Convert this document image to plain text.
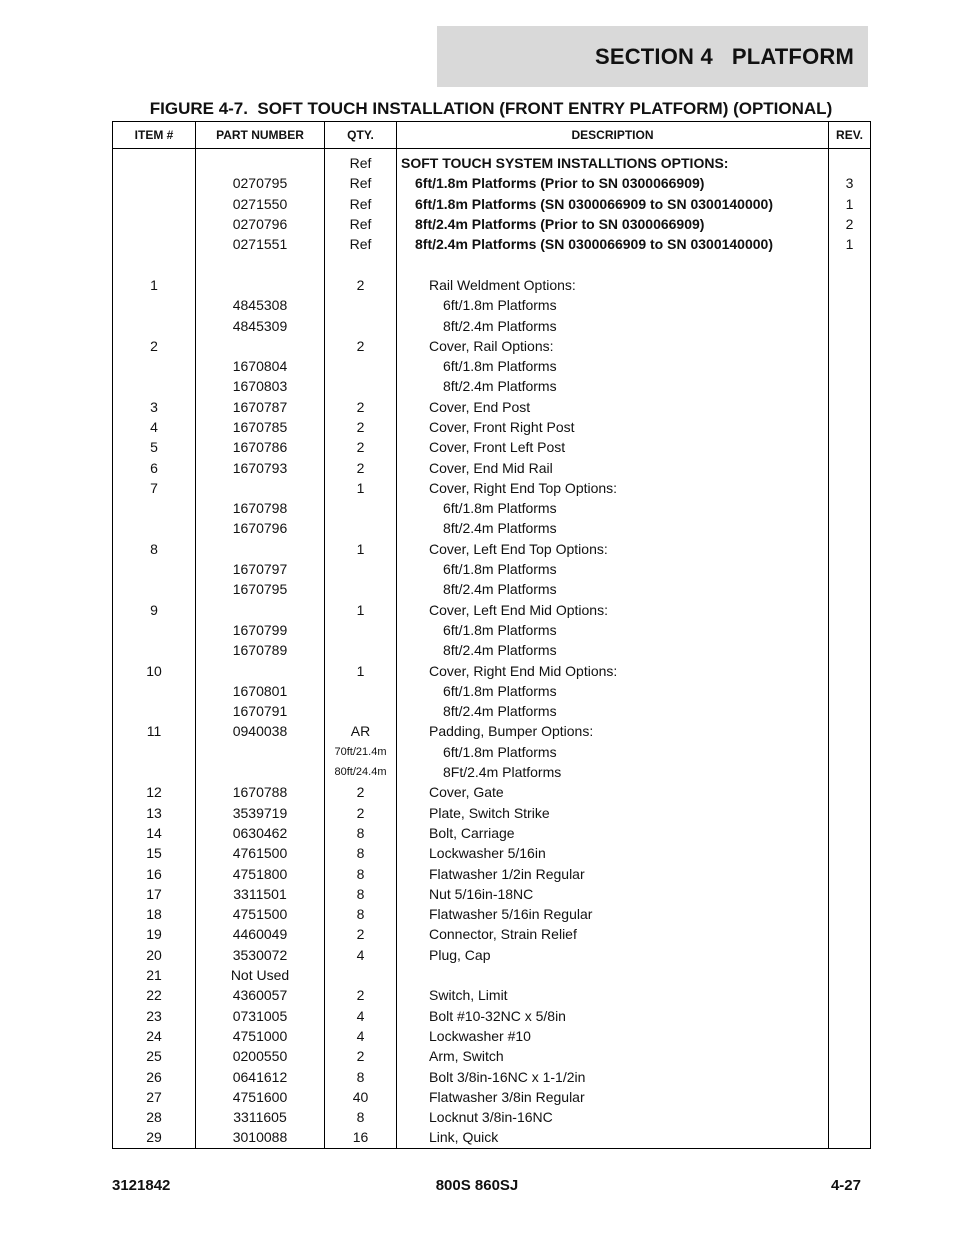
SECTION 4   PLATFORM
FIGURE 4-7.  SOFT TOUCH INSTALLATION (FRONT ENTRY PLATFORM) (OPTIONAL)
ITEM #	PART NUMBER	QTY.	DESCRIPTION	REV.
		Ref	SOFT TOUCH SYSTEM INSTALLTIONS OPTIONS:	
	0270795	Ref	6ft/1.8m Platforms (Prior to SN 0300066909)	3
	0271550	Ref	6ft/1.8m Platforms (SN 0300066909 to SN 0300140000)	1
	0270796	Ref	8ft/2.4m Platforms (Prior to SN 0300066909)	2
	0271551	Ref	8ft/2.4m Platforms (SN 0300066909 to SN 0300140000)	1

1		2	Rail Weldment Options:	
	4845308		6ft/1.8m Platforms	
	4845309		8ft/2.4m Platforms	
2		2	Cover, Rail Options:	
	1670804		6ft/1.8m Platforms	
	1670803		8ft/2.4m Platforms	
3	1670787	2	Cover, End Post	
4	1670785	2	Cover, Front Right Post	
5	1670786	2	Cover, Front Left Post	
6	1670793	2	Cover, End Mid Rail	
7		1	Cover, Right End Top Options:	
	1670798		6ft/1.8m Platforms	
	1670796		8ft/2.4m Platforms	
8		1	Cover, Left End Top Options:	
	1670797		6ft/1.8m Platforms	
	1670795		8ft/2.4m Platforms	
9		1	Cover, Left End Mid Options:	
	1670799		6ft/1.8m Platforms	
	1670789		8ft/2.4m Platforms	
10		1	Cover, Right End Mid Options:	
	1670801		6ft/1.8m Platforms	
	1670791		8ft/2.4m Platforms	
11	0940038	AR	Padding, Bumper Options:	
		70ft/21.4m	6ft/1.8m Platforms	
		80ft/24.4m	8Ft/2.4m Platforms	
12	1670788	2	Cover, Gate	
13	3539719	2	Plate, Switch Strike	
14	0630462	8	Bolt, Carriage	
15	4761500	8	Lockwasher 5/16in	
16	4751800	8	Flatwasher 1/2in Regular	
17	3311501	8	Nut 5/16in-18NC	
18	4751500	8	Flatwasher 5/16in Regular	
19	4460049	2	Connector, Strain Relief	
20	3530072	4	Plug, Cap	
21	Not Used			
22	4360057	2	Switch, Limit	
23	0731005	4	Bolt #10-32NC x 5/8in	
24	4751000	4	Lockwasher #10	
25	0200550	2	Arm, Switch	
26	0641612	8	Bolt 3/8in-16NC x 1-1/2in	
27	4751600	40	Flatwasher 3/8in Regular	
28	3311605	8	Locknut 3/8in-16NC	
29	3010088	16	Link, Quick	
3121842	800S 860SJ	4-27
